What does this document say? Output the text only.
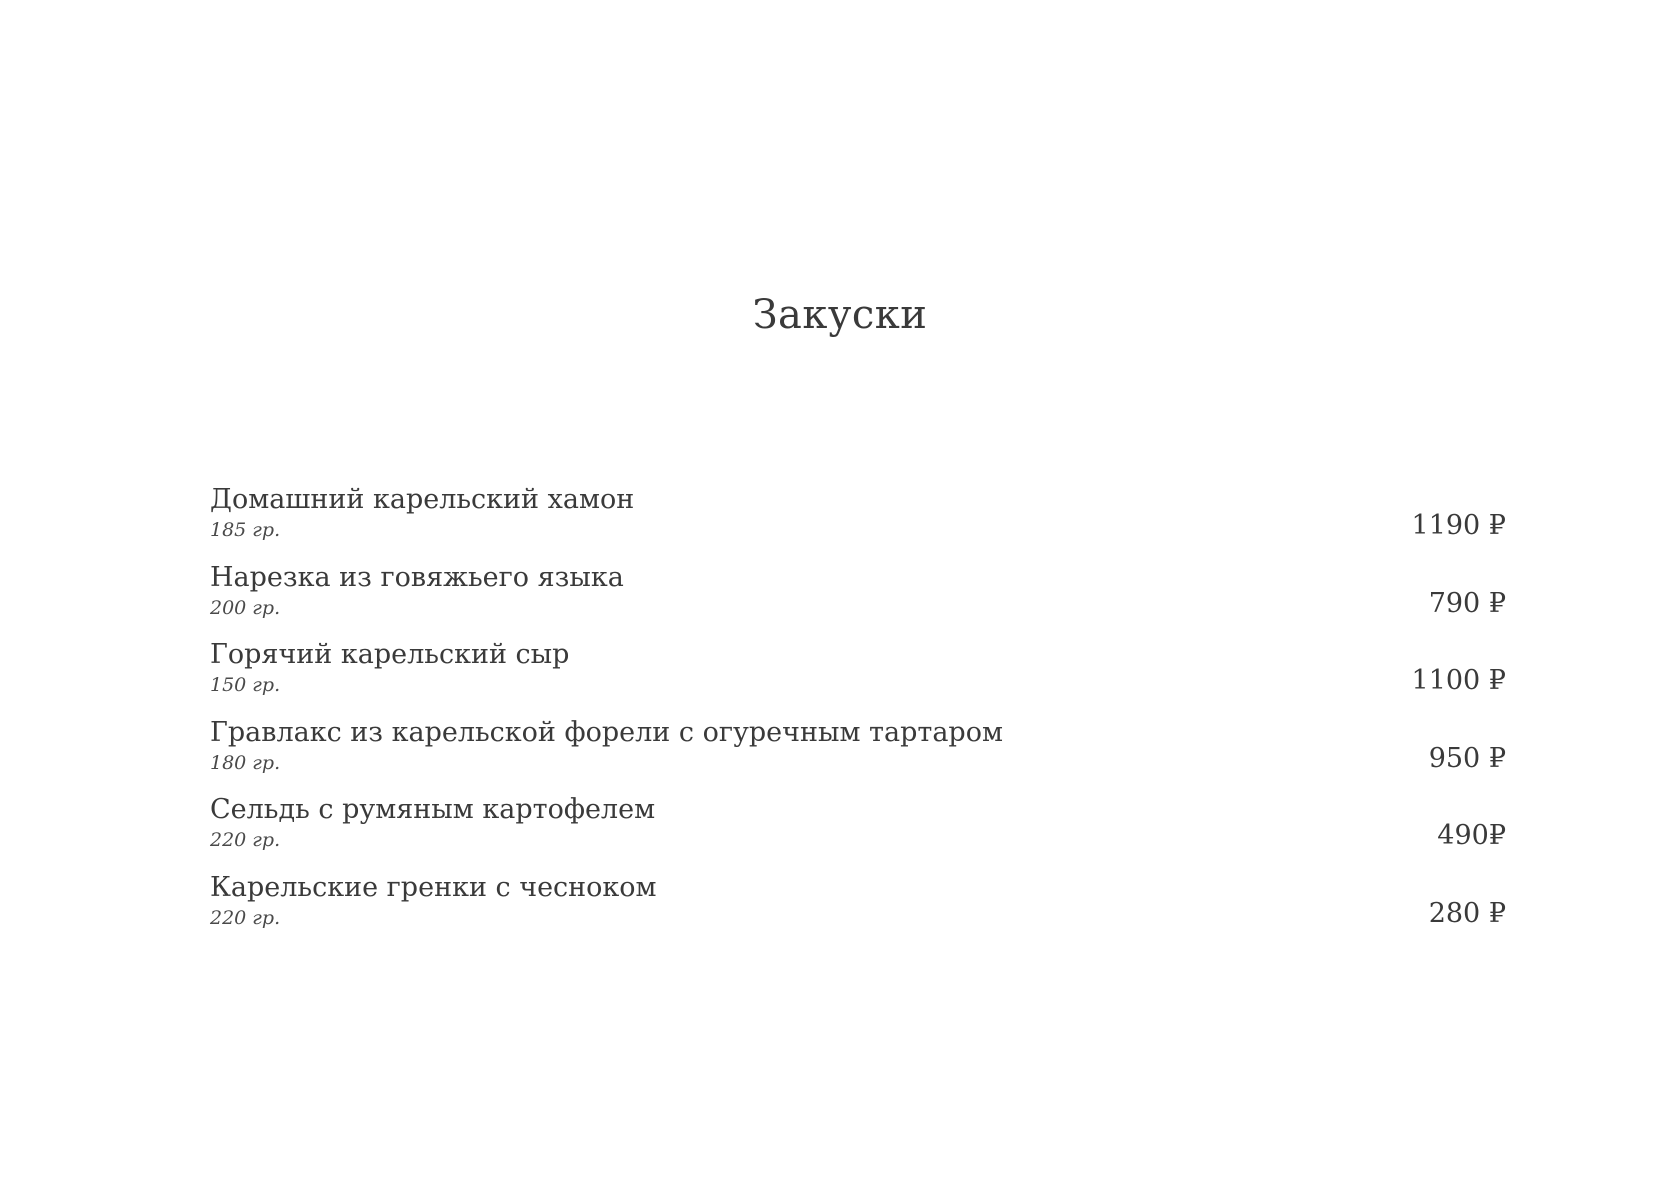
Закуски
Домашний карельский хамон
185 гр.	1190 ₽
Нарезка из говяжьего языка
200 гр.	790 ₽
Горячий карельский сыр
150 гр.	1100 ₽
Гравлакс из карельской форели с огуречным тартаром
180 гр.	950 ₽
Сельдь с румяным картофелем
220 гр.	490₽
Карельские гренки с чесноком
220 гр.	280 ₽
